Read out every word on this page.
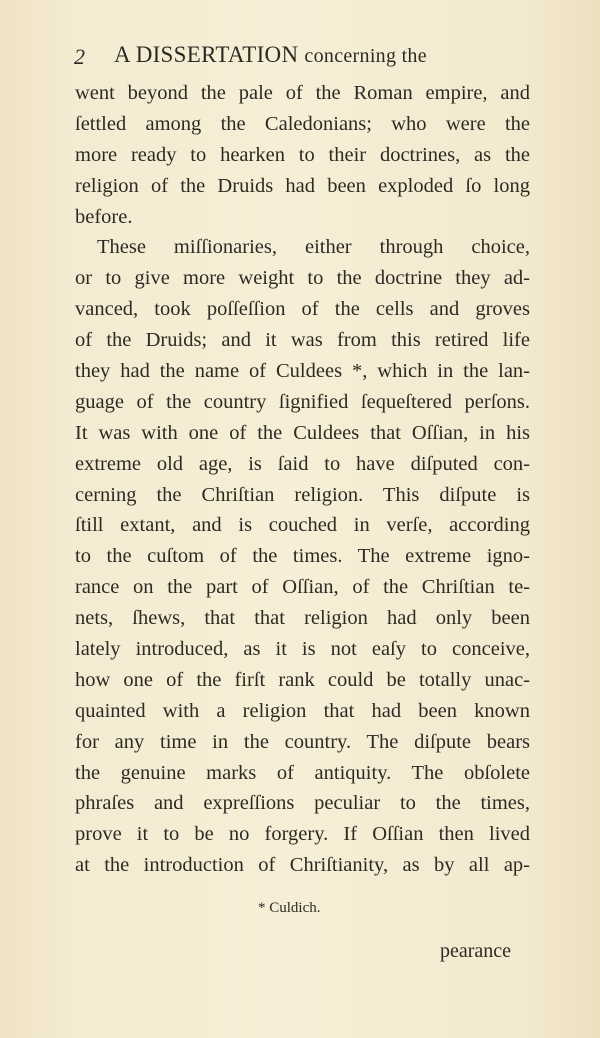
2 A DISSERTATION concerning the
went beyond the pale of the Roman empire, and
ſettled among the Caledonians; who were the
more ready to hearken to their doctrines, as the
religion of the Druids had been exploded ſo long
before.
These miſſionaries, either through choice,
or to give more weight to the doctrine they ad-
vanced, took poſſeſſion of the cells and groves
of the Druids; and it was from this retired life
they had the name of Culdees *, which in the lan-
guage of the country ſignified ſequeſtered perſons.
It was with one of the Culdees that Oſſian, in his
extreme old age, is ſaid to have diſputed con-
cerning the Chriſtian religion. This diſpute is
ſtill extant, and is couched in verſe, according
to the cuſtom of the times. The extreme igno-
rance on the part of Oſſian, of the Chriſtian te-
nets, ſhews, that that religion had only been
lately introduced, as it is not eaſy to conceive,
how one of the firſt rank could be totally unac-
quainted with a religion that had been known
for any time in the country. The diſpute bears
the genuine marks of antiquity. The obſolete
phraſes and expreſſions peculiar to the times,
prove it to be no forgery. If Oſſian then lived
at the introduction of Chriſtianity, as by all ap-
* Culdich.
pearance
